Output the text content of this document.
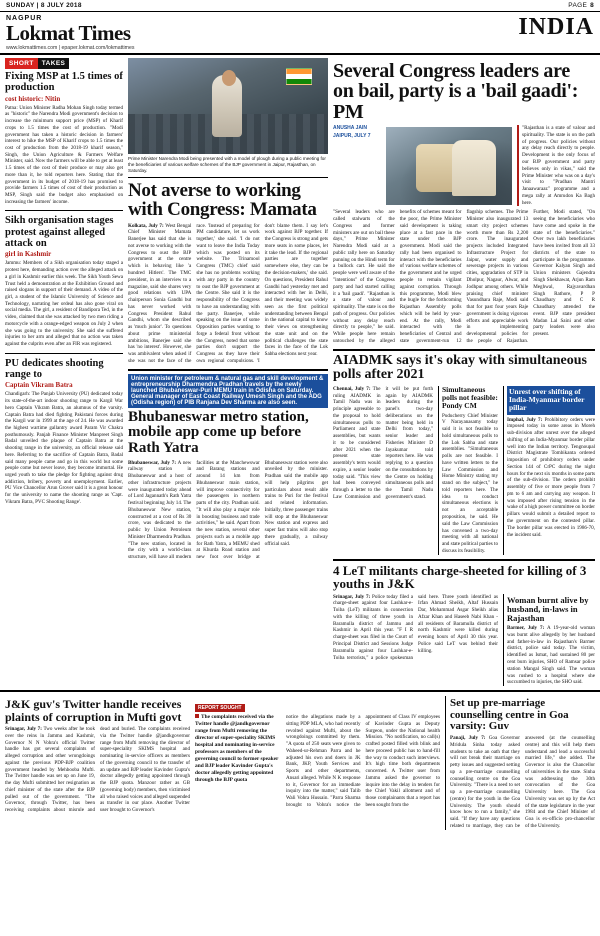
SUNDAY | 8 JULY 2018	PAGE 8
NAGPUR
Lokmat Times
www.lokmattimes.com | epaper.lokmat.com/lokmattimes
INDIA
SHORT	TAKES
Fixing MSP at 1.5 times of production
cost historic: Nitin
Patna: Union Minister Radha Mohan Singh today termed as "historic" the Narendra Modi government's decision to increase the minimum support price (MSP) of Kharif crops to 1.5 times the cost of production. "Modi government has taken a historic decision in farmers' interest to hike the MSP of Kharif crops to 1.5 times the cost of production from the 2018-19 kharif season," Singh, the Union Agriculture & Farmers Welfare Minister, said. Now the farmers will be able to get at least 1.5 times of the cost of their produce or may also get more than it, he told reporters here. Stating that the government in its budget of 2018-19 has promised to provide farmers 1.5 times of cost of their production as MSP, Singh said the budget also emphasised on increasing the farmers' income.
Sikh organisation stages protest against alleged attack on
girl in Kashmir
Jammu: Members of a Sikh organisation today staged a protest here, demanding action over the alleged attack on a girl in Kashmir earlier this week. The Sikh Youth Sewa Trust held a demonstration at the Exhibition Ground and raised slogans in support of their demand. A video of the girl, a student of the Islamic University of Science and Technology, narrating her ordeal has also gone viral on social media. The girl, a resident of Bandipora Ted, in the video, claimed that she was attacked by two men riding a motorcycle with a orange-edged weapon on July 2 when she was going to the university. She said she suffered injuries to her arm and alleged that no action was taken against the culprits even after an FIR was registered.
PU dedicates shooting range to
Captain Vikram Batra
Chandigarh: The Panjab University (PU) dedicated today its state-of-the-art indoor shooting range to Kargil War hero Captain Vikram Batra, an alumnus of the varsity. Captain Batra had died fighting Pakistani forces during the Kargil war in 1999 at the age of 24. He was awarded the highest wartime gallantry award Param Vir Chakra posthumously. Panjab Finance Minister Manpreet Singh Badal unveiled the plaque of Captain Batra at the shooting range in the university, an official release said here. Referring to the sacrifice of Captain Batra, Badal said many people came and go in this world but some people come but never leave, they become immortal. He urged youth to take the pledge for fighting against drug addiction, bribery, poverty and unemployment. Earlier, PU Vice Chancellor Arun Grover said it is a great honour for the university to name the shooting range as 'Capt. Vikram Batra, PVC Shooting Range'.
Prime Minister Narendra Modi being presented with a model of plough during a public meeting for the beneficiaries of various welfare schemes of the BJP government in Jaipur, Rajasthan, on Saturday.
Not averse to working with Congress: Mamata
Kolkata, July 7: West Bengal Chief Minister Mamata Banerjee has said that she is not averse to working with the Congress to oust the BJP government at the centre which is behaving like 'a hundred Hitlers'. The TMC president, in an interview to a magazine, said she shares very good relations with UPA chairperson Sonia Gandhi but has never worked with Congress President Rahul Gandhi, whom she described as 'much junior'. To questions about prime ministerial ambitions, Banerjee said she has 'no interest'. However, she was ambivalent when asked if she was not the face of the race. 'Instead of preparing for PM candidature, let us work together,' she said. 'I do not want to leave the India Today which was posted on its website. The Trinamool Congress (TMC) chief said she has no problems working with any party in the country to oust the BJP government at the Centre. She said it is the responsibility of the Congress to have an understanding with the party. Banerjee, while speaking on the issue of some Opposition parties wanting to forge a federal front without the Congress, noted that some parties don't support the Congress as they have their own regional compulsions. 'I don't blame them. I say let's work against BJP together. If the Congress is strong and gets more seats in some places, let it take the lead. If the regional parties are together somewhere else, they can be the decision-makers,' she said. On questions, President Rahul Gandhi had yesterday met and interacted with her in Delhi, and their meeting was widely seen as the first political understanding between Bengal in the national capital to know their views on strengthening the state unit and on the political challenges the state faces in the face of the Lok Sabha elections next year.
Union minister for petroleum & natural gas and skill development & entrepreneurship Dharmendra Pradhan travels by the newly launched Bhubaneswar-Puri MEMU train in Odisha on Saturday. General manager of East Coast Railway Umesh Singh and the ADG (Odisha region) of PIB Ranjana Dev Sharma are also seen.
Bhubaneswar metro station, mobile app come up before Rath Yatra
Bhubaneswar, July 7: A new railway station in Bhubaneswar and a host of other infrastructure projects were inaugurated today ahead of Lord Jagannath's Rath Yatra festival beginning July 14. The Bhubaneswar New station, constructed at a cost of Rs 30 crore, was dedicated to the public by Union Petroleum Minister Dharmendra Pradhan. "The new station, located in the city with a world-class structure, will have all modern facilities at the Manchewswar and Barang stations and around 14 km from Bhubaneswar main station, will improve connectivity for the passengers in northern parts of the city. Pradhan said. "It will also play a major role in boosting business and trade activities," he said. Apart from the new station, several other projects such as a mobile app for Rath Yatra, a MEMU shed at Khurda Road station and new foot over bridge at Bhubaneswar station were also unveiled by the minister. Pradhan said the mobile app will help pilgrims get particulars about result able trains to Puri for the festival and related information. Initially, three passenger trains will stop at the Bhubaneswar New station and express and super fast trains will also stop there gradually, a railway official said.
Several Congress leaders are on bail, party is a 'bail gaadi': PM
ANUSHA JAIN
JAIPUR, JULY 7
"Rajasthan is a state of valour and spirituality. The state is on the path of progress. Our policies without any delay reach directly to people. Development is the only focus of our BJP government and party believes only in vikas," said the Prime Minister who was on a day's visit to "Pradhan Mantri Janaawaraaz" programme and a mega rally at Amrudon Ka Bagh here.
"Several leaders who are called stalwarts of the Congress and former ministers are out on bail these days," Prime Minister Narendra Modi said at a public rally here on Saturday punning on the Hindi term for a bullock cart. He said the people were well aware of the "intentions" of the Congress party and had started calling it a 'bail gaadi'. "Rajasthan is a state of valour and spirituality. The state is on the path of progress. Our policies without any delay reach directly to people," he said. While people here remain untouched by the alleged benefits of schemes meant for the poor, the Prime Minister said development is taking place at a fast pace in the state under the BJP government. Modi said the rally had been organised to interact with the beneficiaries of various welfare schemes of the government and he urged people to remain vigilant against corruption. Through this programme, Modi blew the bugle for the forthcoming Rajasthan Assembly polls which will be held by year-end. At the rally, Modi interacted with the beneficiaries of Central and state government-run 12 flagship schemes. The Prime Minister also inaugurated 13 smart city project schemes worth more than Rs 2,200 crore. The inaugurated projects included Integrated Infrastructure Project for Jaipur, water supply and sewerage projects in various cities, upgradation of STP in Dholpur, Nagaur, Alwar, and Jodhpur among others. While praising chief minister Vasundhara Raje, Modi said that for past four years Raje government is doing vigorous efforts and appreciable work in implementing developmental policies for the people of Rajasthan. Further, Modi stated, "On seeing the beneficiaries who have come and spoke in the state of the beneficiaries." Over two lakh beneficiaries have been invited from all 33 districts of the state to participate in the programme. Governor Kalyan Singh and Union ministers Gajendra Singh Shekhawat, Arjun Ram Meghwal, Rajyavardhan Singh Rathore, P P Chaudhary and C R Chaudhary attended the event. BJP state president Madan Lal Saini and other party leaders were also present.
AIADMK says it's okay with simultaneous polls after 2021
Chennai, July 7: The ruling AIADMK in Tamil Nadu was in principle agreeable to the proposal to hold simultaneous polls to Parliament and state assemblies, but wants it to be considered after 2021 when the present state assembly's term would expire, a senior leader today said. "This view had been conveyed through a letter to the Law Commission and it will be put forth again by AIADMK leaders during the panel's two-day deliberations on the matter being held in Delhi from today," senior leader and Fisheries Minister D Jayakumar told reporters here. He was replying to a question on the consultations by the Centre on holding simultaneous polls and the Tamil Nadu government's stand.
Simultaneous polls not feasible: Pondy CM
Puducherry Chief Minister V Narayanasamy today said it is not feasible to hold simultaneous polls to the Lok Sabha and state assemblies. "Simultaneous polls are not feasible. I have written letters to the Law Commission and Home Ministry stating my stand on the subject," he told reporters here. The idea to conduct simultaneous elections is not an acceptable proposition, he said. He said the Law Commission has convened a two-day meeting with all national and state political parties to discuss its feasibility.
Unrest over shifting of India-Myanmar border pillar
Imphal, July 7: Prohibitory orders were imposed today in some areas in Moreh sub-division after unrest over the alleged shifting of an India-Myanmar border pillar well into the Indian territory. Tengnoupal District Magistrate Tombikanta ordered imposition of prohibitory orders under Section 144 of CrPC during the night hours for the next six months in some parts of the sub-division. The orders prohibit assembly of five or more people from 7 pm to 6 am and carrying any weapon. It was imposed after rising tension in the wake of a high power committee on border pillars would submit a detailed report to the government on the contested pillar. The border pillar was erected in 1986-70, the incident said.
4 LeT militants charge-sheeted for killing of 3 youths in J&K
Srinagar, July 7: Police today filed a charge-sheet against four Lashkar-e-Toiba (LeT) militants in connection with the killing of three youth in Baramulla district of Jammu and Kashmir in April this year. "F I R charge-sheet was filed in the Court of Principal District and Sessions Judge Baramulla against four Lashkar-e-Toiba terrorists," a police spokesman said here. Three youth identified as Irfan Ahmad Sheikh, Altaf Hussain Dar, Mohammad Asgar Sheikh alias Afzar Khan and Haseeb Nabi Khan - all residents of Baramulla district of north Kashmir were killed during evening hours of April 30 this year. Police said LeT was behind their killing.
Woman burnt alive by husband, in-laws in Rajasthan
Barmer, July 7: A 19-year-old woman was burnt alive allegedly by her husband and father-in-law in Rajasthan's Barmer district, police said today. The victim, identified as Ismat, had sustained 80 per cent burn injuries, SHO of Ramsar police station Mangal Singh said. The woman was rushed to a hospital where she succumbed to injuries, the SHO said.
J&K guv's Twitter handle receives plaints of corruption in Mufti govt
Srinagar, July 7: Two weeks after he took over the reins in Jammu and Kashmir, Governor N N Vohra's official Twitter handle has got several complaints of alleged corruption and other wrongdoings against the previous PDP-BJP coalition government headed by Mehbooba Mufti. The Twitter handle was set up on June 19, the day Mufti submitted her resignation as chief minister of the state after the BJP pulled out of the government. "The Governor, through Twitter, has been receiving complaints about misrule and dead and buried. The complaints received via the Twitter handle @jandkgovernor range from Mufti removing the director of super-speciality SKIMS hospital and nominating in-service officers as members of the governing council to the transfer of an update and BJP leader Kavinder Gupta's doctor allegedly getting appointed through the BJP quota. Manzoor rather as GB (governing body) members, then victimised all who raised voices and alleged suspended as transfer in our place. Another Twitter user brought to Governor's
REPORT SOUGHT
The complaints received via the Twitter handle @jandkgovernor range from Mufti removing the director of super-speciality SKIMS hospital and nominating in-service professors as members of the governing council to former speaker and BJP leader Kavinder Gupta's doctor allegedly getting appointed through the BJP quota
notice the allegations made by a sitting PDP MLA, who had recently revolted against Mufti, about the wrongdoings committed by them. "A quota of 250 seats were given to Waheed-ur-Rehman Parra and he adjusted his own and doers in JK Bank, JKP, Youth Services and Sports and other departments, Ansari alleged. While N K response to it, Governor for an immediate inquiry into the matter," said Talib Wali Vohra Hussain. "Parra Sharma brought to Vohra's notice the appointment of Class IV employees of Kavinder Gupta as Deputy Surgeon, under the National health Mission. "No notification, no call(s) crafted posted filled with blink and here proceed public has to hand-fill the way to conduct such interviews. It's high time both departments concerned. A Twitter user from Jammu asked the governor to inquire into the delay in tenders for the Chief Vakil allotment and of those complainants that a report has been sought from the
Set up pre-marriage counselling centre in Goa varsity: Guv
Panaji, July 7: Goa Governor Mridula Sinha today asked students to take an oath that they will not break their marriage on petty issues and suggested setting up a pre-marriage counselling counselling centre on the Goa University. "There is a need to set up a pre-marriage counselling (centre) for the youth in the Goa University. The youth should know how to run a family," she said. "If they have any questions related to marriage, they can be answered (at the counselling centre) and this will help them understand and lead a successful married life," she added. The Governor is also the Chancellor of universities in the state. Sinha was addressing the 30th convocation of the Goa University here. The Goa University was set up by the Act of the state legislature in the year 1984 and the Chief Minister of Goa is ex-officio pro-chancellor of the University.
